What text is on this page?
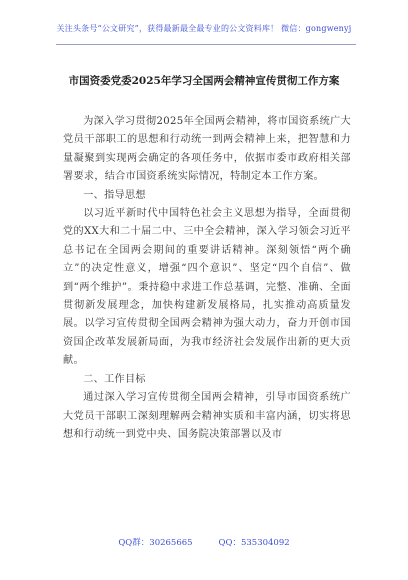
关注头条号“公文研究”，获得最新最全最专业的公文资料库！ 微信：gongwenyj
市国资委党委2025年学习全国两会精神宣传贯彻工作方案

为深入学习贯彻2025年全国两会精神，将市国资系统广大党员干部职工的思想和行动统一到两会精神上来，把智慧和力量凝聚到实现两会确定的各项任务中，依据市委市政府相关部署要求，结合市国资系统实际情况，特制定本工作方案。

一、指导思想

以习近平新时代中国特色社会主义思想为指导，全面贯彻党的XX大和二十届二中、三中全会精神，深入学习领会习近平总书记在全国两会期间的重要讲话精神。深刻领悟“两个确立”的决定性意义，增强“四个意识”、坚定“四个自信”、做到“两个维护”。秉持稳中求进工作总基调，完整、准确、全面贯彻新发展理念，加快构建新发展格局，扎实推动高质量发展。以学习宣传贯彻全国两会精神为强大动力，奋力开创市国资国企改革发展新局面，为我市经济社会发展作出新的更大贡献。

二、工作目标

通过深入学习宣传贯彻全国两会精神，引导市国资系统广大党员干部职工深刻理解两会精神实质和丰富内涵，切实将思想和行动统一到党中央、国务院决策部署以及市

QQ群：30265665	QQ：535304092
